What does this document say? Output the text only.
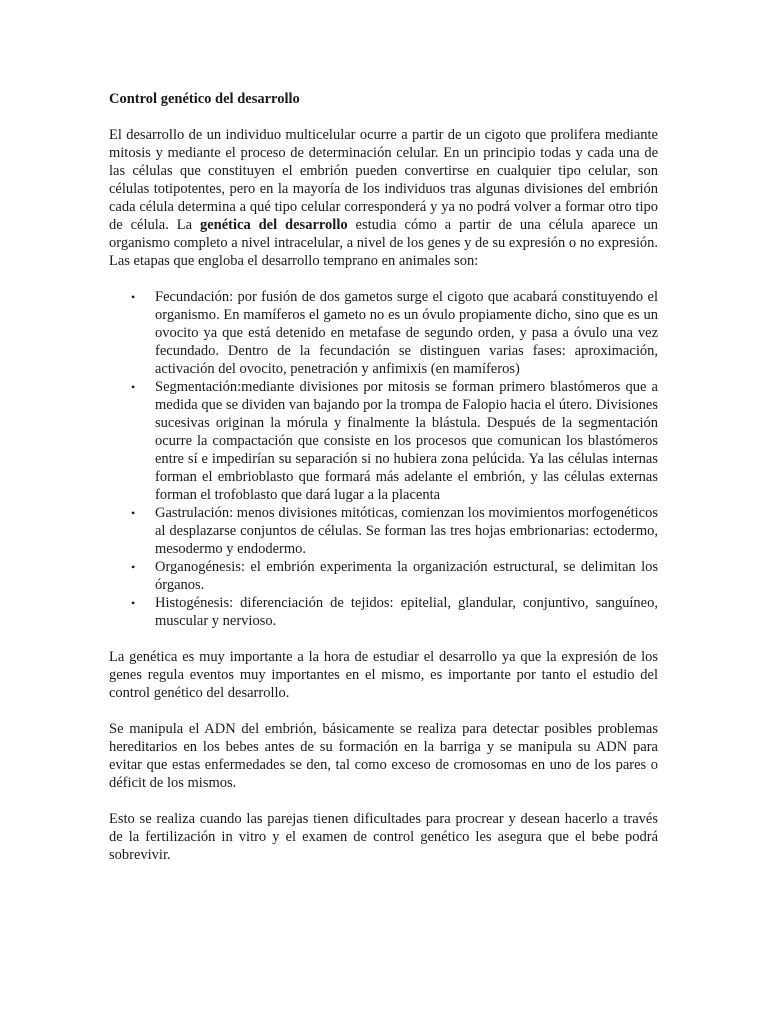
Control genético del desarrollo

El desarrollo de un individuo multicelular ocurre a partir de un cigoto que prolifera mediante mitosis y mediante el proceso de determinación celular. En un principio todas y cada una de las células que constituyen el embrión pueden convertirse en cualquier tipo celular, son células totipotentes, pero en la mayoría de los individuos tras algunas divisiones del embrión cada célula determina a qué tipo celular corresponderá y ya no podrá volver a formar otro tipo de célula. La genética del desarrollo estudia cómo a partir de una célula aparece un organismo completo a nivel intracelular, a nivel de los genes y de su expresión o no expresión. Las etapas que engloba el desarrollo temprano en animales son:

• Fecundación: por fusión de dos gametos surge el cigoto que acabará constituyendo el organismo. En mamíferos el gameto no es un óvulo propiamente dicho, sino que es un ovocito ya que está detenido en metafase de segundo orden, y pasa a óvulo una vez fecundado. Dentro de la fecundación se distinguen varias fases: aproximación, activación del ovocito, penetración y anfimixis (en mamíferos)
• Segmentación:mediante divisiones por mitosis se forman primero blastómeros que a medida que se dividen van bajando por la trompa de Falopio hacia el útero. Divisiones sucesivas originan la mórula y finalmente la blástula. Después de la segmentación ocurre la compactación que consiste en los procesos que comunican los blastómeros entre sí e impedirían su separación si no hubiera zona pelúcida. Ya las células internas forman el embrioblasto que formará más adelante el embrión, y las células externas forman el trofoblasto que dará lugar a la placenta
• Gastrulación: menos divisiones mitóticas, comienzan los movimientos morfogenéticos al desplazarse conjuntos de células. Se forman las tres hojas embrionarias: ectodermo, mesodermo y endodermo.
• Organogénesis: el embrión experimenta la organización estructural, se delimitan los órganos.
• Histogénesis: diferenciación de tejidos: epitelial, glandular, conjuntivo, sanguíneo, muscular y nervioso.

La genética es muy importante a la hora de estudiar el desarrollo ya que la expresión de los genes regula eventos muy importantes en el mismo, es importante por tanto el estudio del control genético del desarrollo.

Se manipula el ADN del embrión, básicamente se realiza para detectar posibles problemas hereditarios en los bebes antes de su formación en la barriga y se manipula su ADN para evitar que estas enfermedades se den, tal como exceso de cromosomas en uno de los pares o déficit de los mismos.

Esto se realiza cuando las parejas tienen dificultades para procrear y desean hacerlo a través de la fertilización in vitro y el examen de control genético les asegura que el bebe podrá sobrevivir.
